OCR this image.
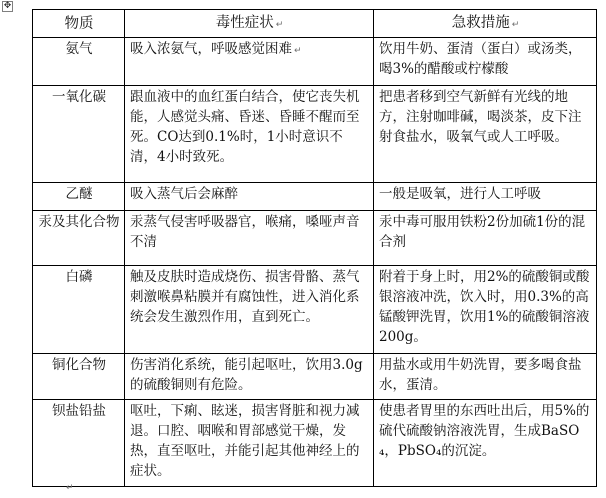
✥
物质	毒性症状 ↵	急救措施 ↵
氨气	吸入浓氨气，呼吸感觉困难 ↵	饮用牛奶、蛋清（蛋白）或汤类，喝3%的醋酸或柠檬酸
一氧化碳	跟血液中的血红蛋白结合，使它丧失机能，人感觉头痛、昏迷、昏睡不醒而至死。CO达到0.1%时，1小时意识不清，4小时致死。	把患者移到空气新鲜有光线的地方，注射咖啡碱，喝淡茶，皮下注射食盐水，吸氧气或人工呼吸。
乙醚	吸入蒸气后会麻醉	一般是吸氧，进行人工呼吸
汞及其化合物	汞蒸气侵害呼吸器官，喉痛，嗓哑声音不清	汞中毒可服用铁粉2份加硫1份的混合剂
白磷	触及皮肤时造成烧伤、损害骨骼、蒸气刺激喉鼻粘膜并有腐蚀性，进入消化系统会发生激烈作用，直到死亡。	附着于身上时，用2%的硫酸铜或酸银溶液冲洗，饮入时，用0.3%的高锰酸钾洗胃，饮用1%的硫酸铜溶液200g。
铜化合物	伤害消化系统，能引起呕吐，饮用3.0g的硫酸铜则有危险。	用盐水或用牛奶洗胃，要多喝食盐水，蛋清。
钡盐铅盐	呕吐，下痢、眩迷，损害肾脏和视力减退。口腔、咽喉和胃部感觉干燥，发热，直至呕吐，并能引起其他神经上的症状。	使患者胃里的东西吐出后，用5%的硫代硫酸钠溶液洗胃，生成BaSO₄，PbSO₄的沉淀。
↵
